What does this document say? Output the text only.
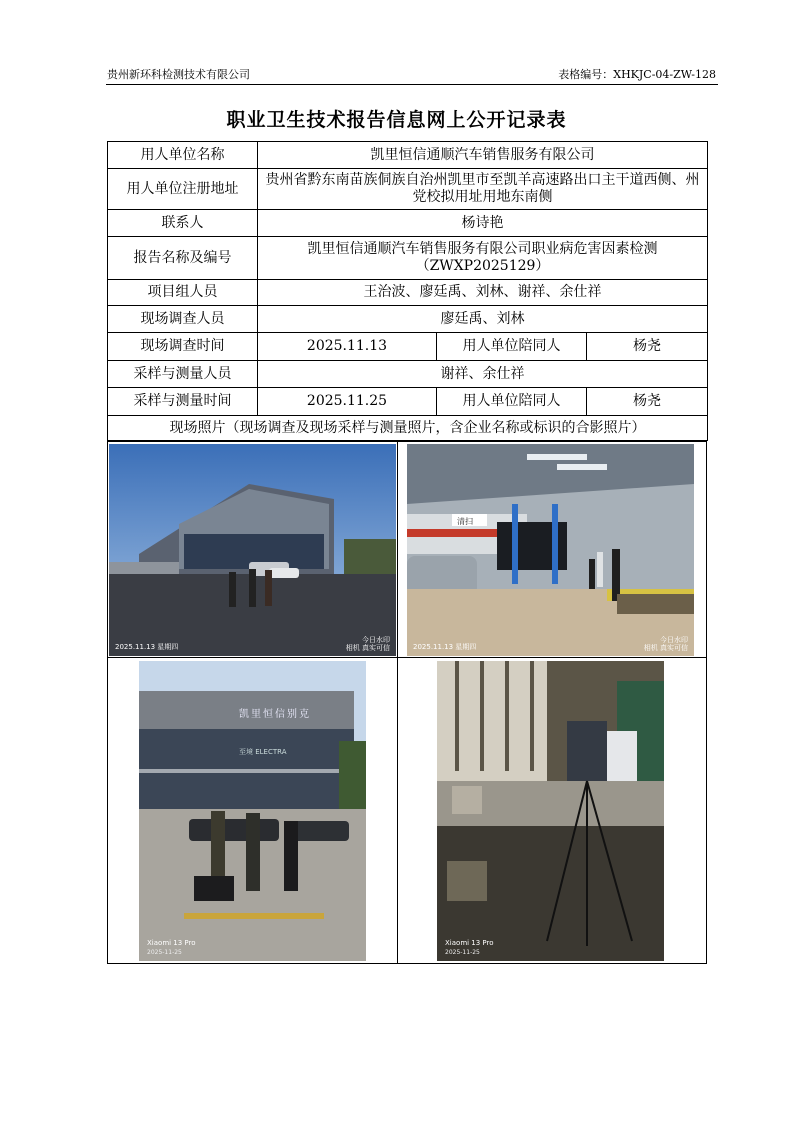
贵州新环科检测技术有限公司	表格编号：XHKJC-04-ZW-128
职业卫生技术报告信息网上公开记录表
用人单位名称	凯里恒信通顺汽车销售服务有限公司		
用人单位注册地址	贵州省黔东南苗族侗族自治州凯里市至凯羊高速路出口主干道西侧、州党校拟用址用地东南侧		
联系人	杨诗艳		
报告名称及编号	凯里恒信通顺汽车销售服务有限公司职业病危害因素检测
（ZWXP2025129）		

项目组人员	王治波、廖廷禹、刘林、谢祥、余仕祥		
现场调查人员	廖廷禹、刘林		
现场调查时间	2025.11.13	用人单位陪同人	杨尧
采样与测量人员	谢祥、余仕祥		
采样与测量时间	2025.11.25	用人单位陪同人	杨尧
现场照片（现场调查及现场采样与测量照片，含企业名称或标识的合影照片）			
2025.11.13 星期四
今日水印
相机 真实可信	2025.11.13 星期四
今日水印
相机 真实可信
清扫
凯里恒信别克
至境 ELECTRA
Xiaomi 13 Pro
2025-11-25
Xiaomi 13 Pro
2025-11-25
